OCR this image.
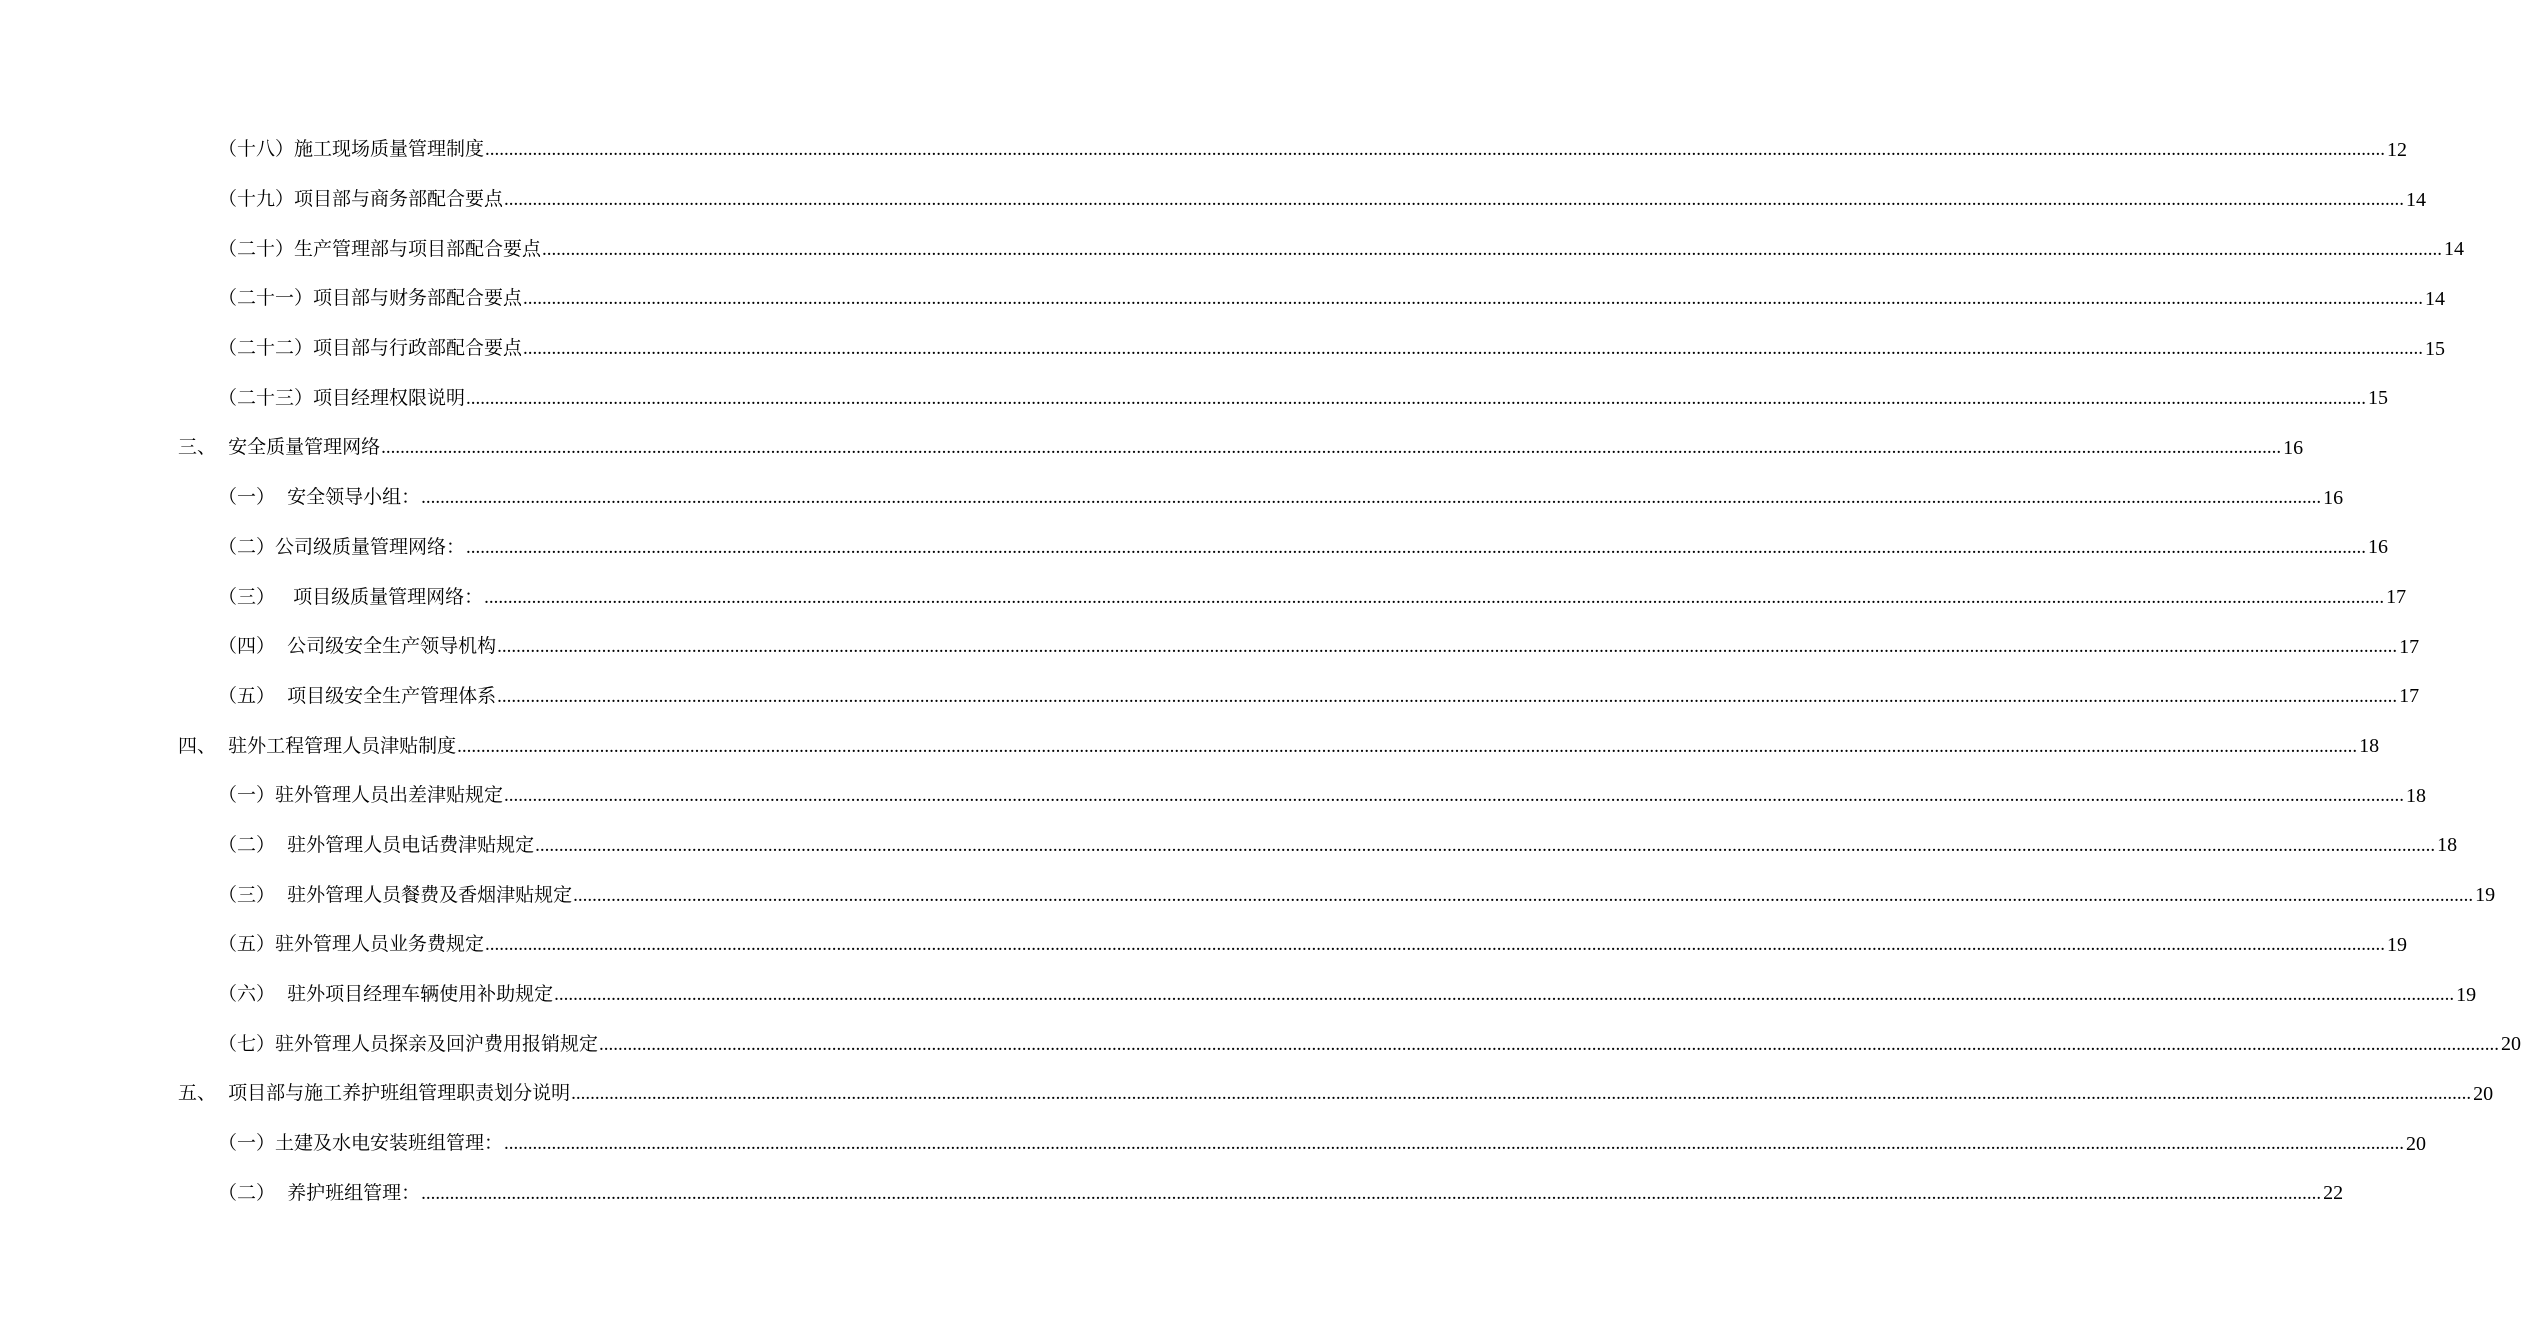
（十八）施工现场质量管理制度 ................................................................................................................................................................................................................................................................................................................................................................................................................ 12
（十九）项目部与商务部配合要点 ................................................................................................................................................................................................................................................................................................................................................................................................................ 14
（二十）生产管理部与项目部配合要点 ................................................................................................................................................................................................................................................................................................................................................................................................................ 14
（二十一）项目部与财务部配合要点 ................................................................................................................................................................................................................................................................................................................................................................................................................ 14
（二十二）项目部与行政部配合要点 ................................................................................................................................................................................................................................................................................................................................................................................................................ 15
（二十三）项目经理权限说明 ................................................................................................................................................................................................................................................................................................................................................................................................................ 15
三、  安全质量管理网络 ................................................................................................................................................................................................................................................................................................................................................................................................................ 16
（一）  安全领导小组： ................................................................................................................................................................................................................................................................................................................................................................................................................ 16
（二）公司级质量管理网络： ................................................................................................................................................................................................................................................................................................................................................................................................................ 16
（三）   项目级质量管理网络： ................................................................................................................................................................................................................................................................................................................................................................................................................ 17
（四）  公司级安全生产领导机构 ................................................................................................................................................................................................................................................................................................................................................................................................................ 17
（五）  项目级安全生产管理体系 ................................................................................................................................................................................................................................................................................................................................................................................................................ 17
四、  驻外工程管理人员津贴制度 ................................................................................................................................................................................................................................................................................................................................................................................................................ 18
（一）驻外管理人员出差津贴规定 ................................................................................................................................................................................................................................................................................................................................................................................................................ 18
（二）  驻外管理人员电话费津贴规定 ................................................................................................................................................................................................................................................................................................................................................................................................................ 18
（三）  驻外管理人员餐费及香烟津贴规定 ................................................................................................................................................................................................................................................................................................................................................................................................................ 19
（五）驻外管理人员业务费规定 ................................................................................................................................................................................................................................................................................................................................................................................................................ 19
（六）  驻外项目经理车辆使用补助规定 ................................................................................................................................................................................................................................................................................................................................................................................................................ 19
（七）驻外管理人员探亲及回沪费用报销规定 ................................................................................................................................................................................................................................................................................................................................................................................................................ 20
五、  项目部与施工养护班组管理职责划分说明 ................................................................................................................................................................................................................................................................................................................................................................................................................ 20
（一）土建及水电安装班组管理： ................................................................................................................................................................................................................................................................................................................................................................................................................ 20
（二）  养护班组管理： ................................................................................................................................................................................................................................................................................................................................................................................................................ 22
